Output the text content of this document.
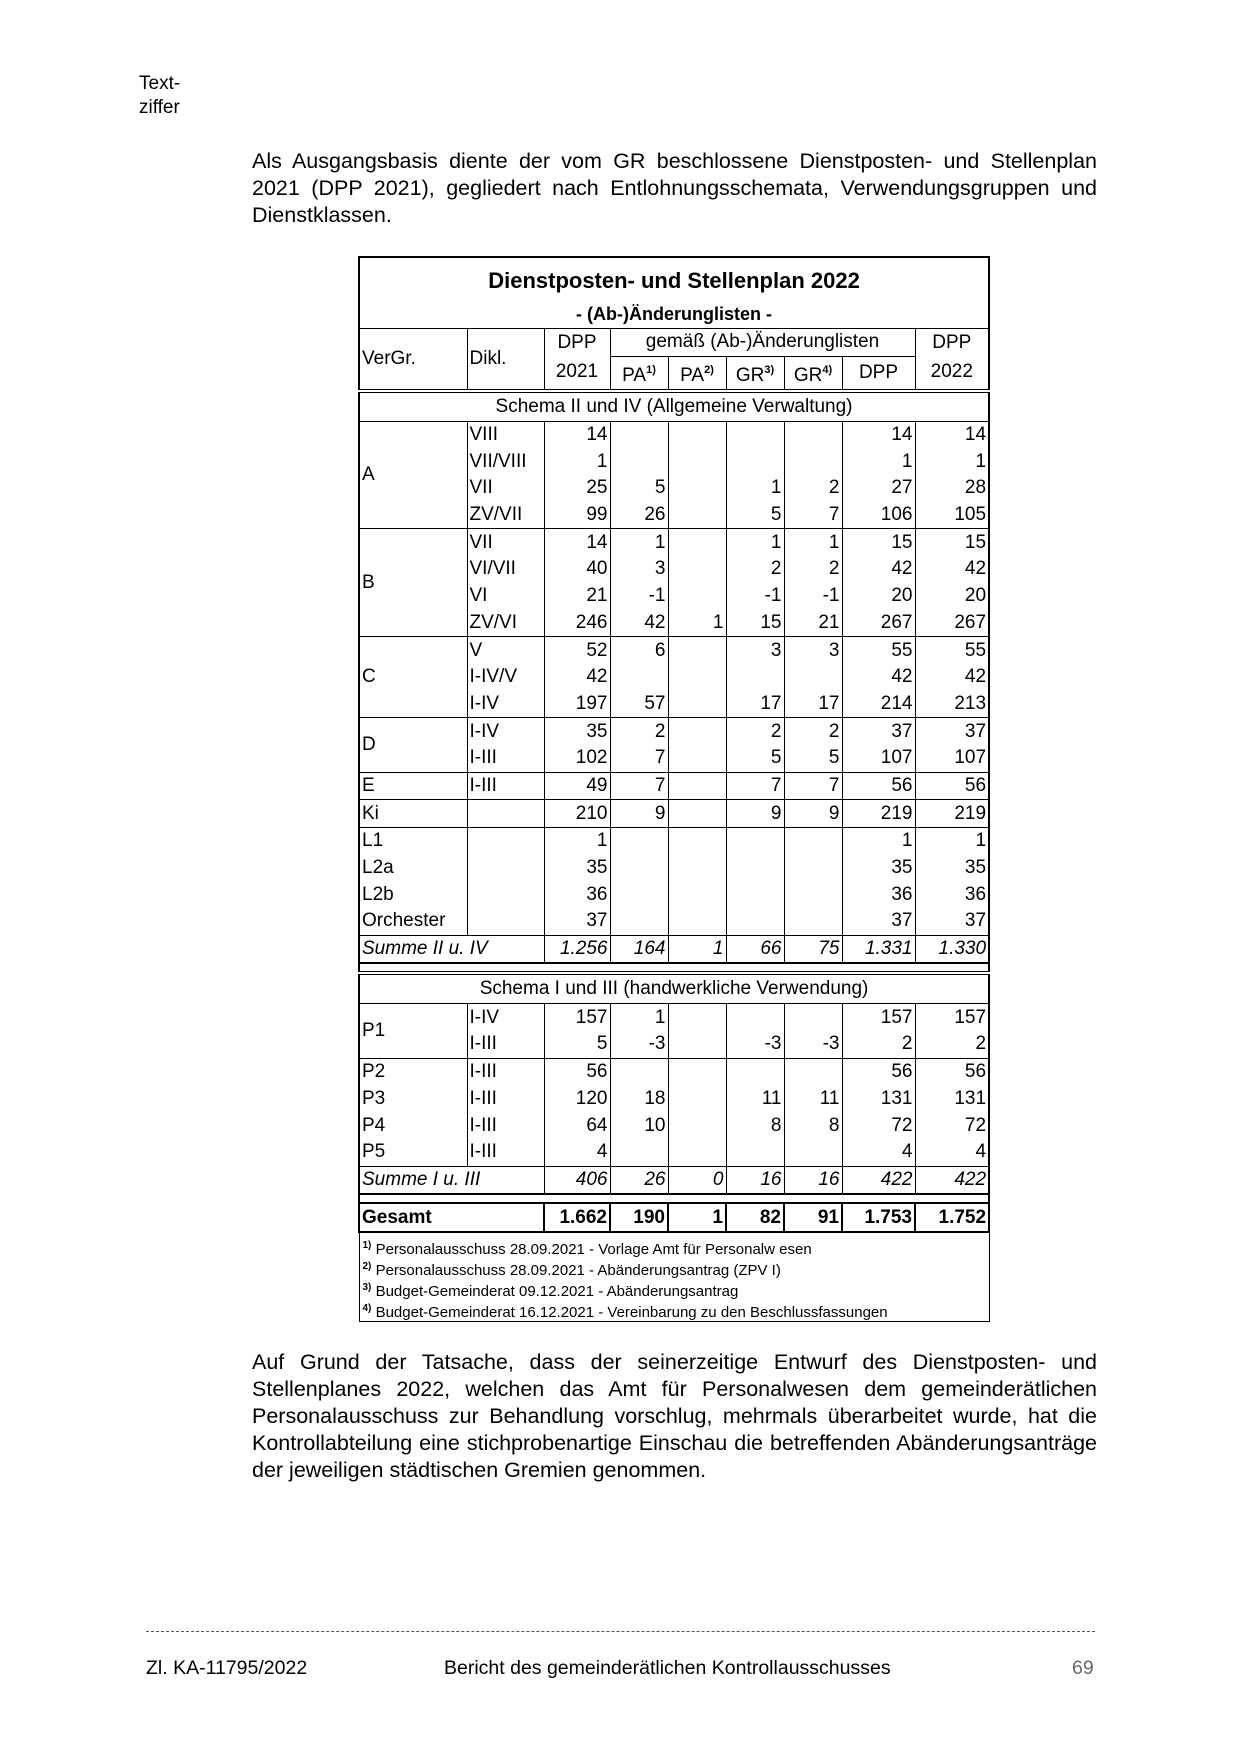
Text-
ziffer

Als Ausgangsbasis diente der vom GR beschlossene Dienstposten- und Stellenplan 2021 (DPP 2021), gegliedert nach Entlohnungsschemata, Verwendungsgruppen und Dienstklassen.

Dienstposten- und Stellenplan 2022								
- (Ab-)Änderunglisten -								
VerGr.	Dikl.	DPP	gemäß (Ab-)Änderunglisten					DPP
		2021	PA$^{1)}$	PA$^{2)}$	GR$^{3)}$	GR$^{4)}$	DPP	2022
Schema II und IV (Allgemeine Verwaltung)								
A	VIII	14					14	14
	VII/VIII	1					1	1
	VII	25	5		1	2	27	28
	ZV/VII	99	26		5	7	106	105
B	VII	14	1		1	1	15	15
	VI/VII	40	3		2	2	42	42
	VI	21	-1		-1	-1	20	20
	ZV/VI	246	42	1	15	21	267	267
C	V	52	6		3	3	55	55
	I-IV/V	42					42	42
	I-IV	197	57		17	17	214	213
D	I-IV	35	2		2	2	37	37
	I-III	102	7		5	5	107	107
E	I-III	49	7		7	7	56	56
Ki		210	9		9	9	219	219
L1		1					1	1
L2a		35					35	35
L2b		36					36	36
Orchester		37					37	37
Summe II u. IV		1.256	164	1	66	75	1.331	1.330

Schema I und III (handwerkliche Verwendung)								
P1	I-IV	157	1				157	157
	I-III	5	-3		-3	-3	2	2
P2	I-III	56					56	56
P3	I-III	120	18		11	11	131	131
P4	I-III	64	10		8	8	72	72
P5	I-III	4					4	4
Summe I u. III		406	26	0	16	16	422	422

Gesamt		1.662	190	1	82	91	1.753	1.752

$^{1)}$ Personalausschuss 28.09.2021 - Vorlage Amt für Personalw esen
$^{2)}$ Personalausschuss 28.09.2021 - Abänderungsantrag (ZPV I)
$^{3)}$ Budget-Gemeinderat 09.12.2021 - Abänderungsantrag
$^{4)}$ Budget-Gemeinderat 16.12.2021 - Vereinbarung zu den Beschlussfassungen								

Auf Grund der Tatsache, dass der seinerzeitige Entwurf des Dienstposten- und Stellenplanes 2022, welchen das Amt für Personalwesen dem gemeinderätlichen Personalausschuss zur Behandlung vorschlug, mehrmals überarbeitet wurde, hat die Kontrollabteilung eine stichprobenartige Einschau die betreffenden Abänderungsanträge der jeweiligen städtischen Gremien genommen.

Zl. KA-11795/2022	Bericht des gemeinderätlichen Kontrollausschusses	69
